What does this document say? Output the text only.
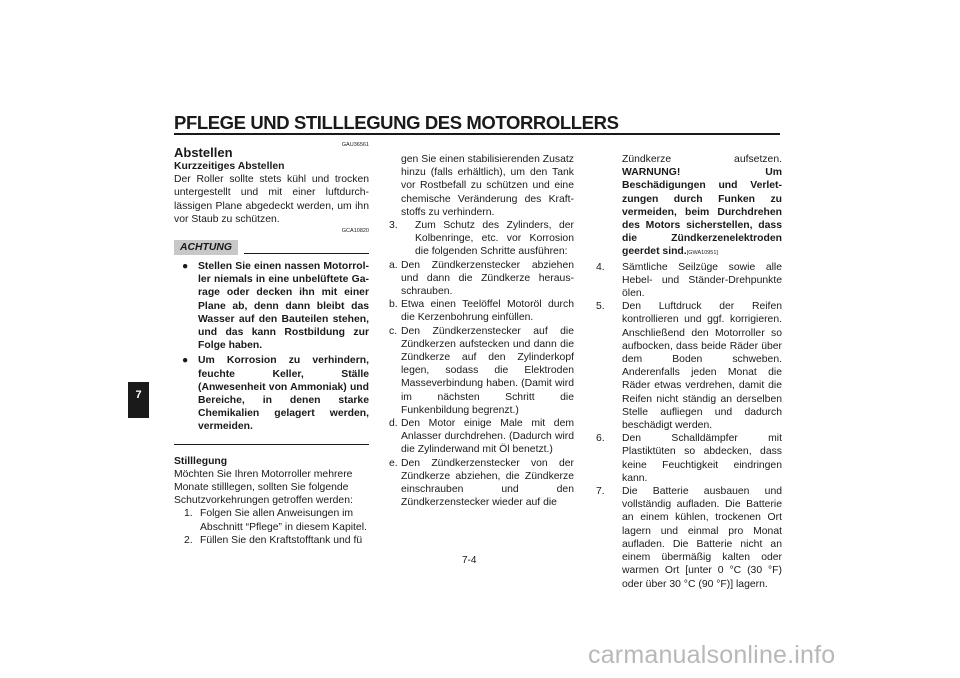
PFLEGE UND STILLLEGUNG DES MOTORROLLERS
7
GAU36561
Abstellen

Kurzzeitiges Abstellen

Der Roller sollte stets kühl und trocken untergestellt und mit einer luftdurchlässigen Plane abgedeckt werden, um ihn vor Staub zu schützen.

GCA10820
ACHTUNG
● Stellen Sie einen nassen Motorroller niemals in eine unbelüftete Garage oder decken ihn mit einer Plane ab, denn dann bleibt das Wasser auf den Bauteilen stehen, und das kann Rostbildung zur Folge haben.
● Um Korrosion zu verhindern, feuchte Keller, Ställe (Anwesenheit von Ammoniak) und Bereiche, in denen starke Chemikalien gelagert werden, vermeiden.

Stilllegung

Möchten Sie Ihren Motorroller mehrere Monate stilllegen, sollten Sie folgende Schutzvorkehrungen getroffen werden:

1. Folgen Sie allen Anweisungen im Abschnitt “Pflege” in diesem Kapitel.
2. Füllen Sie den Kraftstofftank und fü

gen Sie einen stabilisierenden Zusatz hinzu (falls erhältlich), um den Tank vor Rostbefall zu schützen und eine chemische Veränderung des Kraftstoffs zu verhindern.

3. Zum Schutz des Zylinders, der Kolbenringe, etc. vor Korrosion die folgenden Schritte ausführen:
a. Den Zündkerzenstecker abziehen und dann die Zündkerze herausschrauben.
b. Etwa einen Teelöffel Motoröl durch die Kerzenbohrung einfüllen.
c. Den Zündkerzenstecker auf die Zündkerzen aufstecken und dann die Zündkerze auf den Zylinderkopf legen, sodass die Elektroden Masseverbindung haben. (Damit wird im nächsten Schritt die Funkenbildung begrenzt.)
d. Den Motor einige Male mit dem Anlasser durchdrehen. (Dadurch wird die Zylinderwand mit Öl benetzt.)
e. Den Zündkerzenstecker von der Zündkerze abziehen, die Zündkerze einschrauben und den Zündkerzenstecker wieder auf die

Zündkerze aufsetzen. WARNUNG! Um Beschädigungen und Verletzungen durch Funken zu vermeiden, beim Durchdrehen des Motors sicherstellen, dass die Zündkerzenelektroden geerdet sind.[GWA10951]

4. Sämtliche Seilzüge sowie alle Hebel- und Ständer-Drehpunkte ölen.
5. Den Luftdruck der Reifen kontrollieren und ggf. korrigieren. Anschließend den Motorroller so aufbocken, dass beide Räder über dem Boden schweben. Anderenfalls jeden Monat die Räder etwas verdrehen, damit die Reifen nicht ständig an derselben Stelle aufliegen und dadurch beschädigt werden.
6. Den Schalldämpfer mit Plastiktüten so abdecken, dass keine Feuchtigkeit eindringen kann.
7. Die Batterie ausbauen und vollständig aufladen. Die Batterie an einem kühlen, trockenen Ort lagern und einmal pro Monat aufladen. Die Batterie nicht an einem übermäßig kalten oder warmen Ort [unter 0 °C (30 °F) oder über 30 °C (90 °F)] lagern.
7-4
carmanualsonline.info
